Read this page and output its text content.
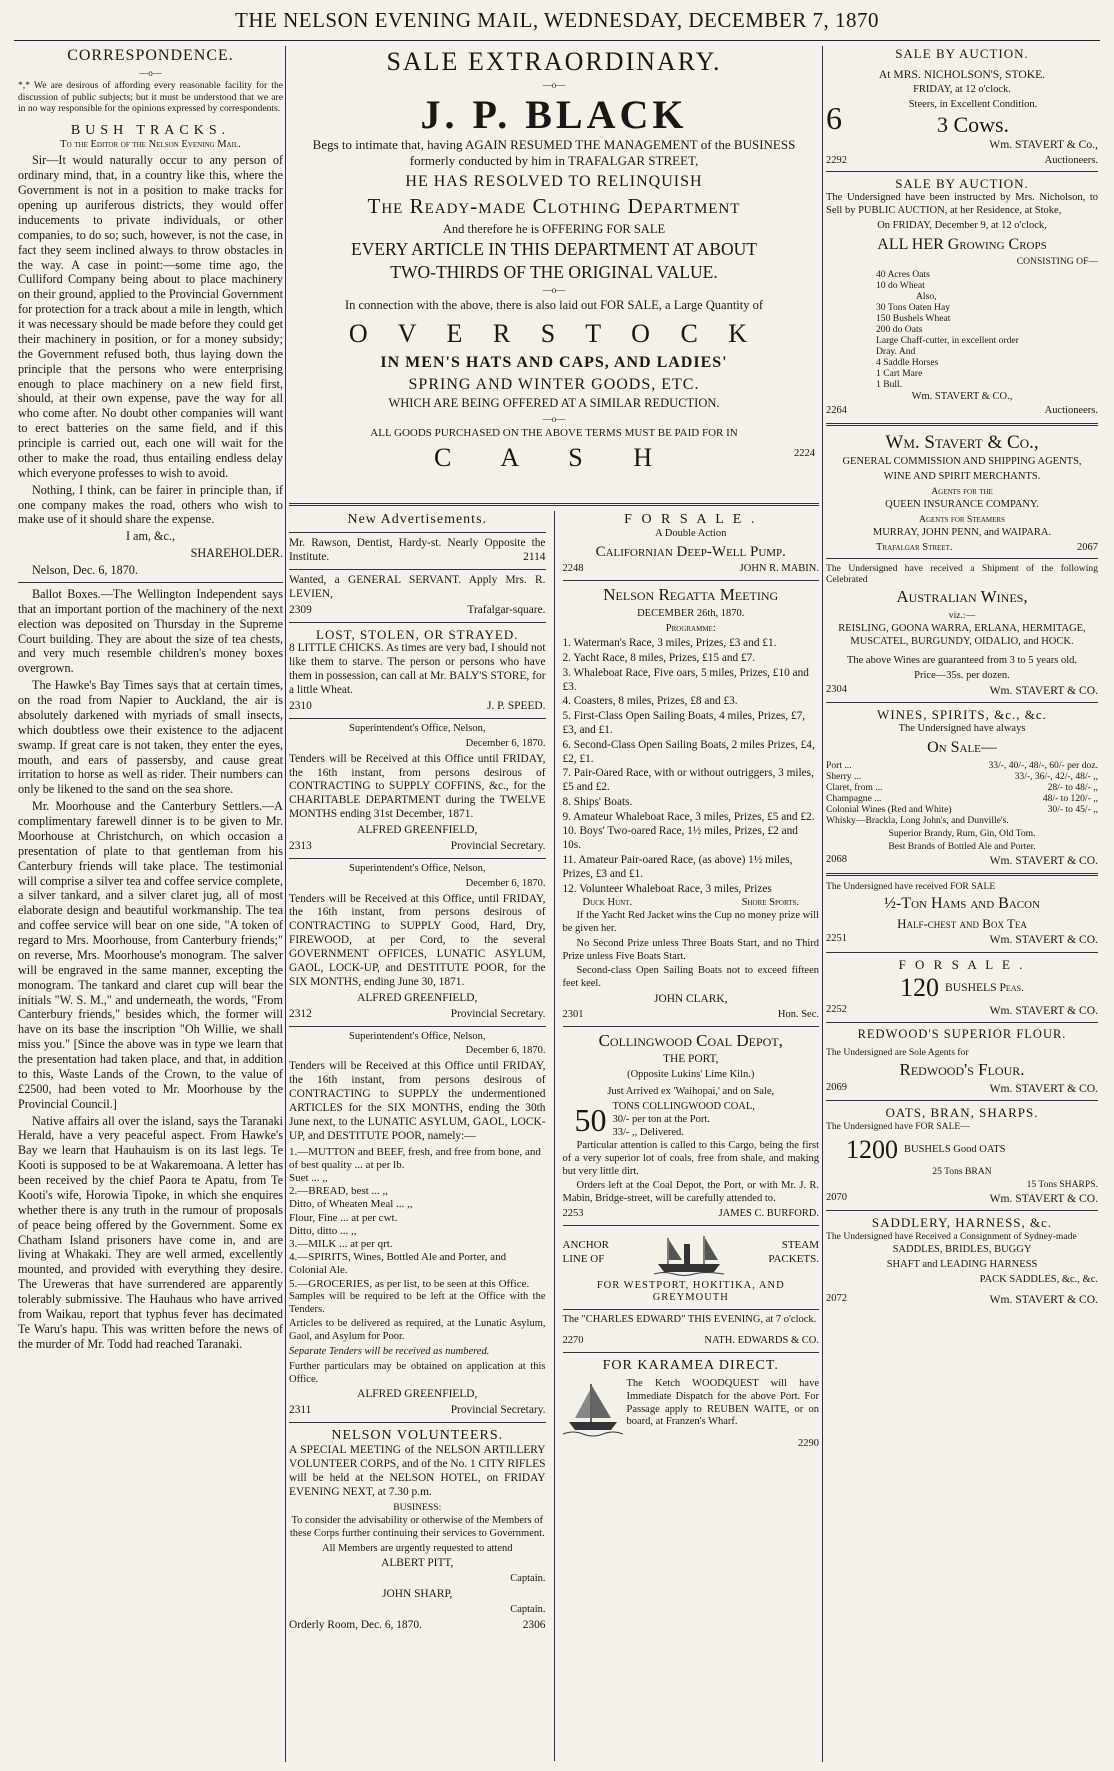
THE NELSON EVENING MAIL, WEDNESDAY, DECEMBER 7, 1870
CORRESPONDENCE.
—o—

*,* We are desirous of affording every reasonable facility for the discussion of public subjects; but it must be understood that we are in no way responsible for the opinions expressed by correspondents.

BUSH TRACKS.

To the Editor of the Nelson Evening Mail.

Sir—It would naturally occur to any person of ordinary mind, that, in a country like this, where the Government is not in a position to make tracks for opening up auriferous districts, they would offer inducements to private individuals, or other companies, to do so; such, however, is not the case, in fact they seem inclined always to throw obstacles in the way. A case in point:—some time ago, the Culliford Company being about to place machinery on their ground, applied to the Provincial Government for protection for a track about a mile in length, which it was necessary should be made before they could get their machinery in position, or for a money subsidy; the Government refused both, thus laying down the principle that the persons who were enterprising enough to place machinery on a new field first, should, at their own expense, pave the way for all who come after. No doubt other companies will want to erect batteries on the same field, and if this principle is carried out, each one will wait for the other to make the road, thus entailing endless delay which everyone professes to wish to avoid.

Nothing, I think, can be fairer in principle than, if one company makes the road, others who wish to make use of it should share the expense.

I am, &c.,

SHAREHOLDER.

Nelson, Dec. 6, 1870.

Ballot Boxes.—The Wellington Independent says that an important portion of the machinery of the next election was deposited on Thursday in the Supreme Court building. They are about the size of tea chests, and very much resemble children's money boxes overgrown.

The Hawke's Bay Times says that at certain times, on the road from Napier to Auckland, the air is absolutely darkened with myriads of small insects, which doubtless owe their existence to the adjacent swamp. If great care is not taken, they enter the eyes, mouth, and ears of passersby, and cause great irritation to horse as well as rider. Their numbers can only be likened to the sand on the sea shore.

Mr. Moorhouse and the Canterbury Settlers.—A complimentary farewell dinner is to be given to Mr. Moorhouse at Christchurch, on which occasion a presentation of plate to that gentleman from his Canterbury friends will take place. The testimonial will comprise a silver tea and coffee service complete, a silver tankard, and a silver claret jug, all of most elaborate design and beautiful workmanship. The tea and coffee service will bear on one side, "A token of regard to Mrs. Moorhouse, from Canterbury friends;" on reverse, Mrs. Moorhouse's monogram. The salver will be engraved in the same manner, excepting the monogram. The tankard and claret cup will bear the initials "W. S. M.," and underneath, the words, "From Canterbury friends," besides which, the former will have on its base the inscription "Oh Willie, we shall miss you." [Since the above was in type we learn that the presentation had taken place, and that, in addition to this, Waste Lands of the Crown, to the value of £2500, had been voted to Mr. Moorhouse by the Provincial Council.]

Native affairs all over the island, says the Taranaki Herald, have a very peaceful aspect. From Hawke's Bay we learn that Hauhauism is on its last legs. Te Kooti is supposed to be at Wakaremoana. A letter has been received by the chief Paora te Apatu, from Te Kooti's wife, Horowia Tipoke, in which she enquires whether there is any truth in the rumour of proposals of peace being offered by the Government. Some ex Chatham Island prisoners have come in, and are living at Whakaki. They are well armed, excellently mounted, and provided with everything they desire. The Ureweras that have surrendered are apparently tolerably submissive. The Hauhaus who have arrived from Waikau, report that typhus fever has decimated Te Waru's hapu. This was written before the news of the murder of Mr. Todd had reached Taranaki.

SALE EXTRAORDINARY.
—o—
J. P. BLACK

Begs to intimate that, having AGAIN RESUMED THE MANAGEMENT of the BUSINESS formerly conducted by him in TRAFALGAR STREET,

HE HAS RESOLVED TO RELINQUISH

The Ready-made Clothing Department

And therefore he is OFFERING FOR SALE

EVERY ARTICLE IN THIS DEPARTMENT AT ABOUT

TWO-THIRDS OF THE ORIGINAL VALUE.

—o—

In connection with the above, there is also laid out FOR SALE, a Large Quantity of

O V E R S T O C K

IN MEN'S HATS AND CAPS, AND LADIES'

SPRING AND WINTER GOODS, ETC.

WHICH ARE BEING OFFERED AT A SIMILAR REDUCTION.

—o—

ALL GOODS PURCHASED ON THE ABOVE TERMS MUST BE PAID FOR IN

C A S H	2224
New Advertisements.

Mr. Rawson, Dentist, Hardy-st. Nearly Opposite the Institute.	2114

Wanted, a GENERAL SERVANT. Apply Mrs. R. LEVIEN,

2309	Trafalgar-square.
LOST, STOLEN, OR STRAYED.

8 LITTLE CHICKS. As times are very bad, I should not like them to starve. The person or persons who have them in possession, can call at Mr. BALY'S STORE, for a little Wheat.

2310	J. P. SPEED.

Superintendent's Office, Nelson,

December 6, 1870.

Tenders will be Received at this Office until FRIDAY, the 16th instant, from persons desirous of CONTRACTING to SUPPLY COFFINS, &c., for the CHARITABLE DEPARTMENT during the TWELVE MONTHS ending 31st December, 1871.

ALFRED GREENFIELD,

2313	Provincial Secretary.

Superintendent's Office, Nelson,

December 6, 1870.

Tenders will be Received at this Office, until FRIDAY, the 16th instant, from persons desirous of CONTRACTING to SUPPLY Good, Hard, Dry, FIREWOOD, at per Cord, to the several GOVERNMENT OFFICES, LUNATIC ASYLUM, GAOL, LOCK-UP, and DESTITUTE POOR, for the SIX MONTHS, ending June 30, 1871.

ALFRED GREENFIELD,

2312	Provincial Secretary.

Superintendent's Office, Nelson,

December 6, 1870.

Tenders will be Received at this Office until FRIDAY, the 16th instant, from persons desirous of CONTRACTING to SUPPLY the undermentioned ARTICLES for the SIX MONTHS, ending the 30th June next, to the LUNATIC ASYLUM, GAOL, LOCK-UP, and DESTITUTE POOR, namely:—

1.—MUTTON and BEEF, fresh, and free from bone, and of best quality ... at per lb.
Suet ... ,,
2.—BREAD, best ... ,,
Ditto, of Wheaten Meal ... ,,
Flour, Fine ... at per cwt.
Ditto, ditto ... ,,
3.—MILK ... at per qrt.
4.—SPIRITS, Wines, Bottled Ale and Porter, and Colonial Ale.
5.—GROCERIES, as per list, to be seen at this Office.

Samples will be required to be left at the Office with the Tenders.

Articles to be delivered as required, at the Lunatic Asylum, Gaol, and Asylum for Poor.

Separate Tenders will be received as numbered.

Further particulars may be obtained on application at this Office.

ALFRED GREENFIELD,

2311	Provincial Secretary.
NELSON VOLUNTEERS.

A SPECIAL MEETING of the NELSON ARTILLERY VOLUNTEER CORPS, and of the No. 1 CITY RIFLES will be held at the NELSON HOTEL, on FRIDAY EVENING NEXT, at 7.30 p.m.

BUSINESS:

To consider the advisability or otherwise of the Members of these Corps further continuing their services to Government.

All Members are urgently requested to attend

ALBERT PITT,

Captain.

JOHN SHARP,

Captain.

Orderly Room, Dec. 6, 1870.	2306
F O R S A L E .

A Double Action

Californian Deep-Well Pump.

2248	JOHN R. MABIN.

Nelson Regatta Meeting

DECEMBER 26th, 1870.

Programme:

1. Waterman's Race, 3 miles, Prizes, £3 and £1.
2. Yacht Race, 8 miles, Prizes, £15 and £7.
3. Whaleboat Race, Five oars, 5 miles, Prizes, £10 and £3.
4. Coasters, 8 miles, Prizes, £8 and £3.
5. First-Class Open Sailing Boats, 4 miles, Prizes, £7, £3, and £1.
6. Second-Class Open Sailing Boats, 2 miles Prizes, £4, £2, £1.
7. Pair-Oared Race, with or without outriggers, 3 miles, £5 and £2.
8. Ships' Boats.
9. Amateur Whaleboat Race, 3 miles, Prizes, £5 and £2.
10. Boys' Two-oared Race, 1½ miles, Prizes, £2 and 10s.
11. Amateur Pair-oared Race, (as above) 1½ miles, Prizes, £3 and £1.
12. Volunteer Whaleboat Race, 3 miles, Prizes
Duck Hunt.	Shore Sports.

If the Yacht Red Jacket wins the Cup no money prize will be given her.

No Second Prize unless Three Boats Start, and no Third Prize unless Five Boats Start.

Second-class Open Sailing Boats not to exceed fifteen feet keel.

JOHN CLARK,

2301	Hon. Sec.

Collingwood Coal Depot,

THE PORT,

(Opposite Lukins' Lime Kiln.)

Just Arrived ex 'Waihopai,' and on Sale,

50 TONS COLLINGWOOD COAL,
30/- per ton at the Port.
33/- ,, Delivered.

Particular attention is called to this Cargo, being the first of a very superior lot of coals, free from shale, and making but very little dirt.

Orders left at the Coal Depot, the Port, or with Mr. J. R. Mabin, Bridge-street, will be carefully attended to.

2253	JAMES C. BURFORD.
ANCHOR
LINE OF
STEAM
PACKETS.

FOR WESTPORT, HOKITIKA, AND GREYMOUTH

The "CHARLES EDWARD" THIS EVENING, at 7 o'clock.

2270	NATH. EDWARDS & CO.
FOR KARAMEA DIRECT.

The Ketch WOODQUEST will have Immediate Dispatch for the above Port. For Passage apply to REUBEN WAITE, or on board, at Franzen's Wharf.

2290

SALE BY AUCTION.

At MRS. NICHOLSON'S, STOKE.

FRIDAY, at 12 o'clock.

6	Steers, in Excellent Condition.
3 Cows.

Wm. STAVERT & Co.,

2292	Auctioneers.
SALE BY AUCTION.

The Undersigned have been instructed by Mrs. Nicholson, to Sell by PUBLIC AUCTION, at her Residence, at Stoke,

On FRIDAY, December 9, at 12 o'clock,

ALL HER Growing Crops

CONSISTING OF—

40 Acres Oats
10 do Wheat
Also,
30 Tons Oaten Hay
150 Bushels Wheat
200 do Oats
Large Chaff-cutter, in excellent order
Dray. And
4 Saddle Horses
1 Cart Mare
1 Bull.

Wm. STAVERT & CO.,

2264	Auctioneers.

Wm. Stavert & Co.,

GENERAL COMMISSION AND SHIPPING AGENTS,

WINE AND SPIRIT MERCHANTS.

Agents for the

QUEEN INSURANCE COMPANY.

Agents for Steamers

MURRAY, JOHN PENN, and WAIPARA.

Trafalgar Street.	2067

The Undersigned have received a Shipment of the following Celebrated

Australian Wines,

viz.:—

REISLING, GOONA WARRA, ERLANA, HERMITAGE, MUSCATEL, BURGUNDY, OIDALIO, and HOCK.

The above Wines are guaranteed from 3 to 5 years old.

Price—35s. per dozen.

2304	Wm. STAVERT & CO.
WINES, SPIRITS, &c., &c.

The Undersigned have always

On Sale—

Port ...	33/-, 40/-, 48/-, 60/- per doz.
Sherry ...	33/-, 36/-, 42/-, 48/- ,,
Claret, from ...	28/- to 48/- ,,
Champagne ...	48/- to 120/- ,,
Colonial Wines (Red and White)	30/- to 45/- ,,

Whisky—Brackla, Long John's, and Dunville's.

Superior Brandy, Rum, Gin, Old Tom.

Best Brands of Bottled Ale and Porter.

2068	Wm. STAVERT & CO.

The Undersigned have received FOR SALE

½-Ton Hams and Bacon

Half-chest and Box Tea

2251	Wm. STAVERT & CO.
F O R S A L E .
120 BUSHELS Peas.
2252	Wm. STAVERT & CO.
REDWOOD'S SUPERIOR FLOUR.

The Undersigned are Sole Agents for

Redwood's Flour.

2069	Wm. STAVERT & CO.
OATS, BRAN, SHARPS.

The Undersigned have FOR SALE—

1200 BUSHELS Good OATS

25 Tons BRAN

15 Tons SHARPS.

2070	Wm. STAVERT & CO.
SADDLERY, HARNESS, &c.

The Undersigned have Received a Consignment of Sydney-made

SADDLES, BRIDLES, BUGGY

SHAFT and LEADING HARNESS

PACK SADDLES, &c., &c.

2072	Wm. STAVERT & CO.
